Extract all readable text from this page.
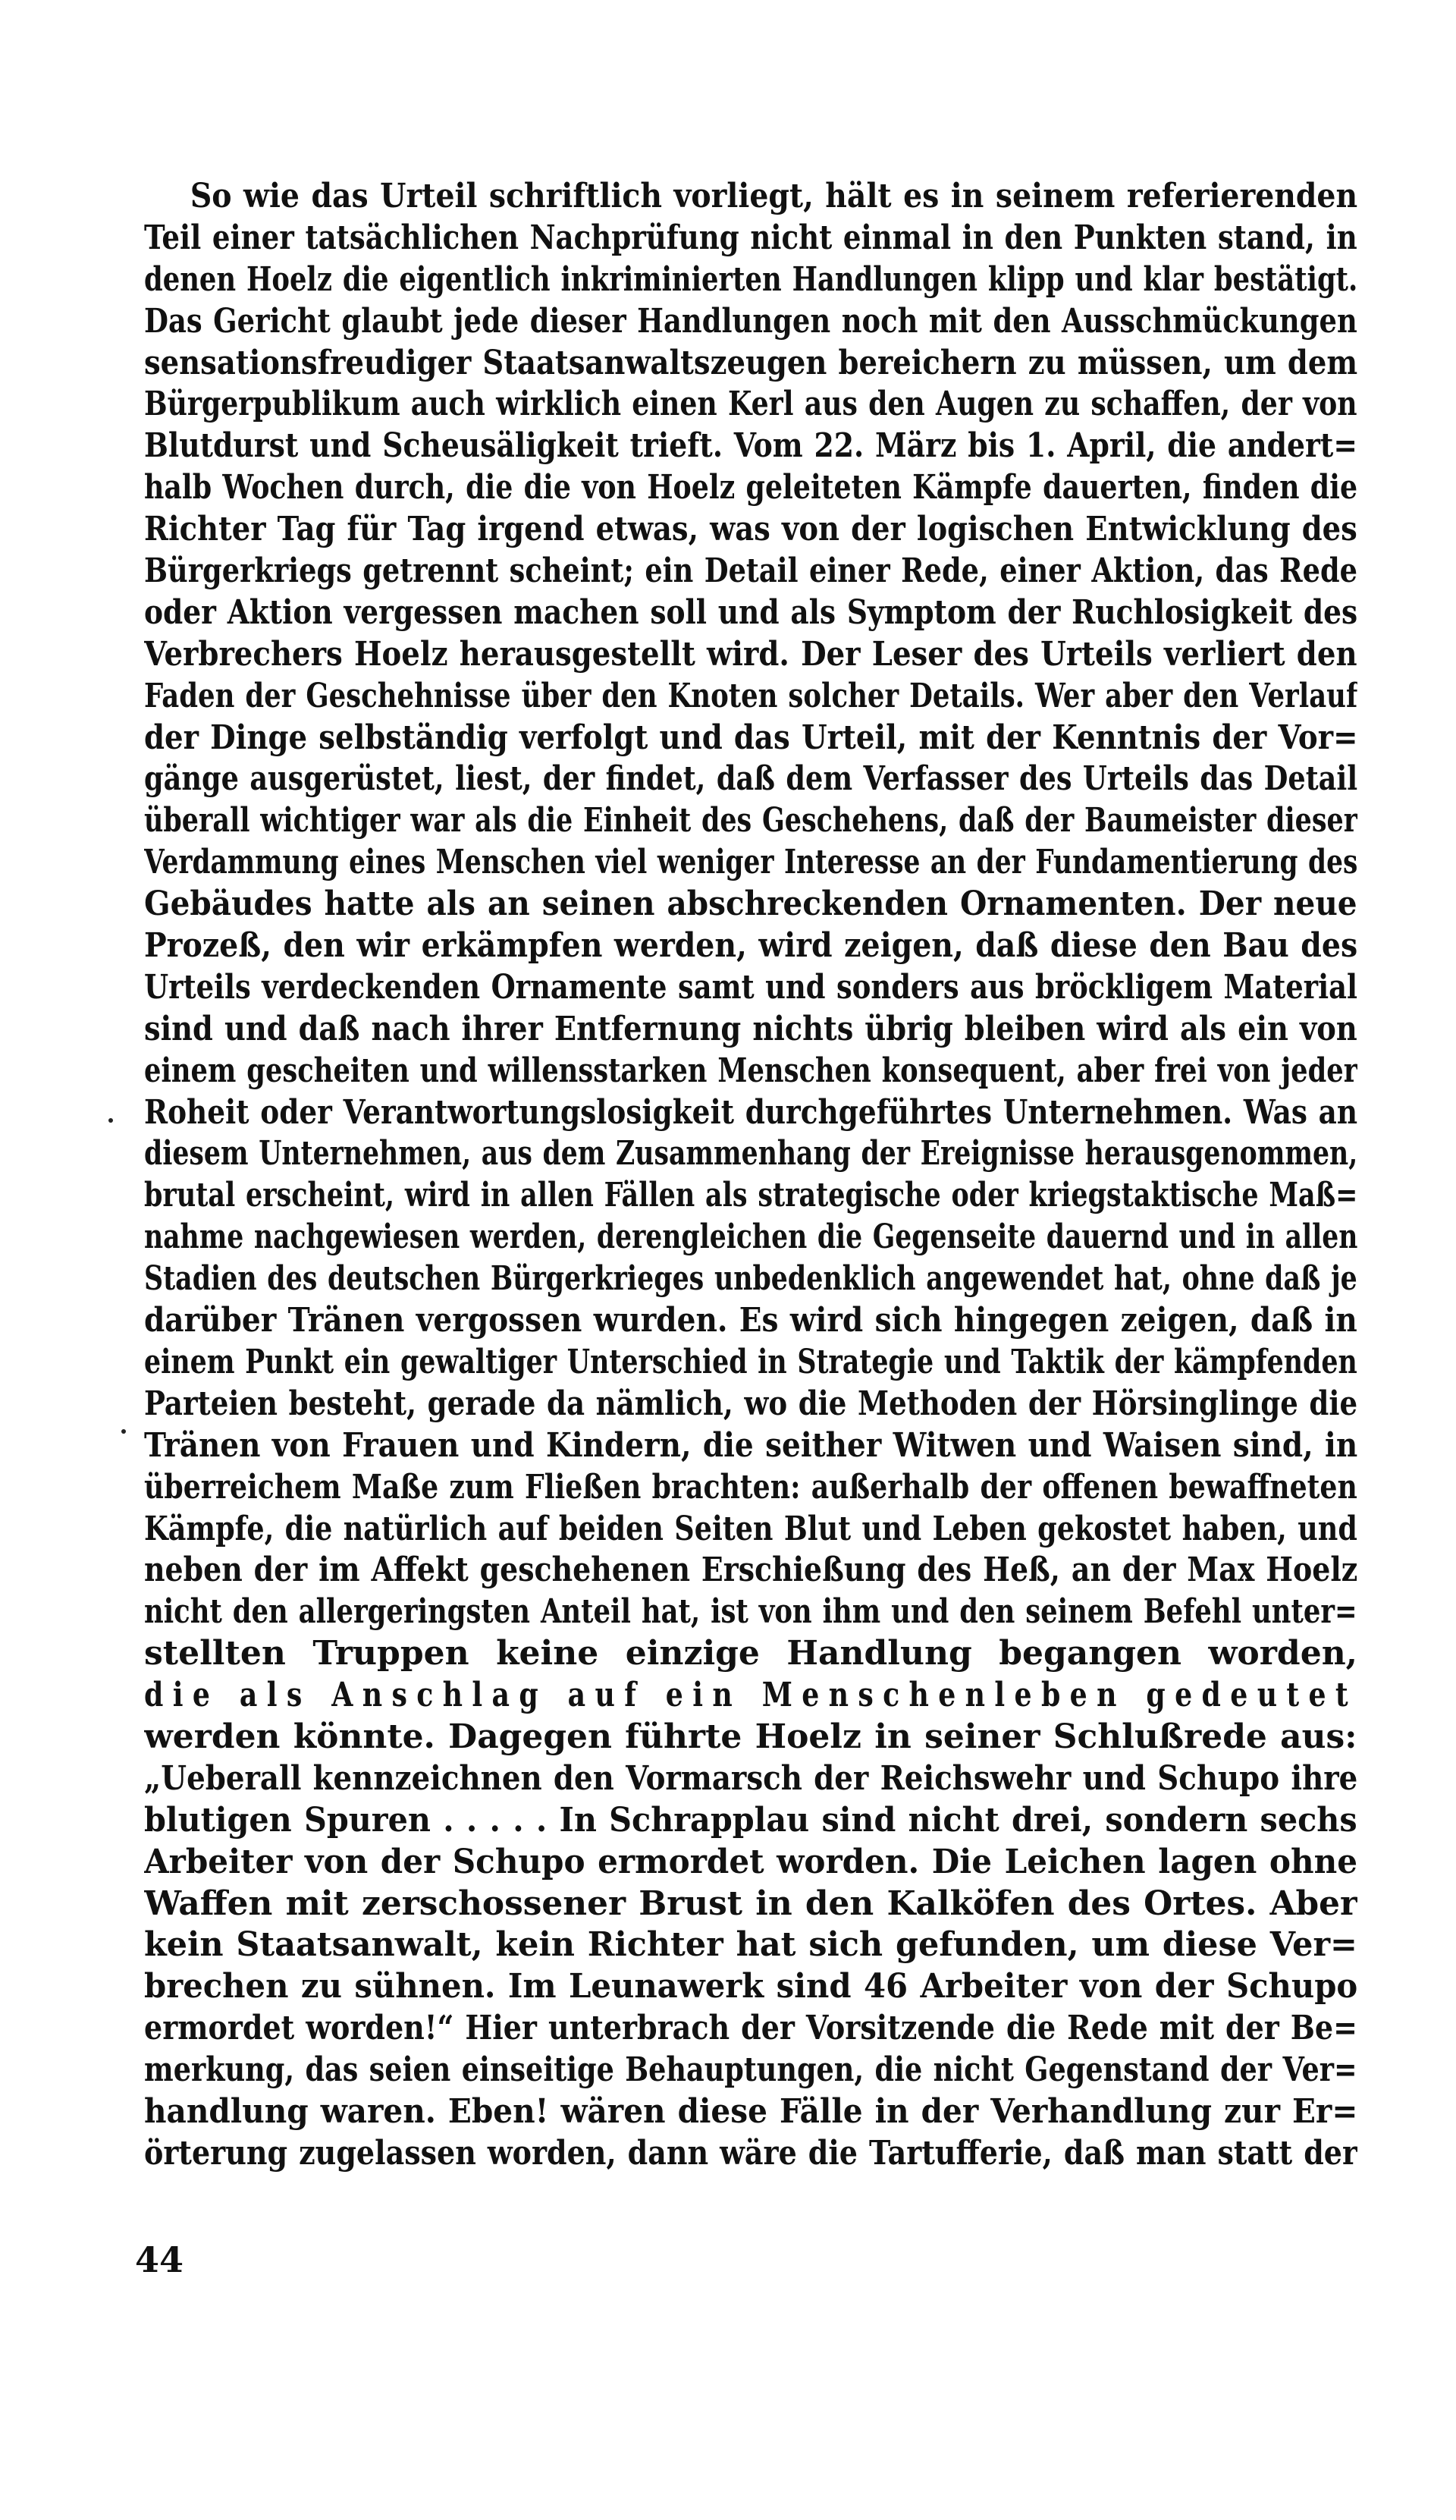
So wie das Urteil schriftlich vorliegt, hält es in seinem referierenden
Teil einer tatsächlichen Nachprüfung nicht einmal in den Punkten stand, in
denen Hoelz die eigentlich inkriminierten Handlungen klipp und klar bestätigt.
Das Gericht glaubt jede dieser Handlungen noch mit den Ausschmückungen
sensationsfreudiger Staatsanwaltszeugen bereichern zu müssen, um dem
Bürgerpublikum auch wirklich einen Kerl aus den Augen zu schaffen, der von
Blutdurst und Scheusäligkeit trieft. Vom 22. März bis 1. April, die andert=
halb Wochen durch, die die von Hoelz geleiteten Kämpfe dauerten, finden die
Richter Tag für Tag irgend etwas, was von der logischen Entwicklung des
Bürgerkriegs getrennt scheint; ein Detail einer Rede, einer Aktion, das Rede
oder Aktion vergessen machen soll und als Symptom der Ruchlosigkeit des
Verbrechers Hoelz herausgestellt wird. Der Leser des Urteils verliert den
Faden der Geschehnisse über den Knoten solcher Details. Wer aber den Verlauf
der Dinge selbständig verfolgt und das Urteil, mit der Kenntnis der Vor=
gänge ausgerüstet, liest, der findet, daß dem Verfasser des Urteils das Detail
überall wichtiger war als die Einheit des Geschehens, daß der Baumeister dieser
Verdammung eines Menschen viel weniger Interesse an der Fundamentierung des
Gebäudes hatte als an seinen abschreckenden Ornamenten. Der neue
Prozeß, den wir erkämpfen werden, wird zeigen, daß diese den Bau des
Urteils verdeckenden Ornamente samt und sonders aus bröckligem Material
sind und daß nach ihrer Entfernung nichts übrig bleiben wird als ein von
einem gescheiten und willensstarken Menschen konsequent, aber frei von jeder
Roheit oder Verantwortungslosigkeit durchgeführtes Unternehmen. Was an
diesem Unternehmen, aus dem Zusammenhang der Ereignisse herausgenommen,
brutal erscheint, wird in allen Fällen als strategische oder kriegstaktische Maß=
nahme nachgewiesen werden, derengleichen die Gegenseite dauernd und in allen
Stadien des deutschen Bürgerkrieges unbedenklich angewendet hat, ohne daß je
darüber Tränen vergossen wurden. Es wird sich hingegen zeigen, daß in
einem Punkt ein gewaltiger Unterschied in Strategie und Taktik der kämpfenden
Parteien besteht, gerade da nämlich, wo die Methoden der Hörsinglinge die
Tränen von Frauen und Kindern, die seither Witwen und Waisen sind, in
überreichem Maße zum Fließen brachten: außerhalb der offenen bewaffneten
Kämpfe, die natürlich auf beiden Seiten Blut und Leben gekostet haben, und
neben der im Affekt geschehenen Erschießung des Heß, an der Max Hoelz
nicht den allergeringsten Anteil hat, ist von ihm und den seinem Befehl unter=
stellten Truppen keine einzige Handlung begangen worden,
die als Anschlag auf ein Menschenleben gedeutet
werden könnte. Dagegen führte Hoelz in seiner Schlußrede aus:
„Ueberall kennzeichnen den Vormarsch der Reichswehr und Schupo ihre
blutigen Spuren . . . . . In Schrapplau sind nicht drei, sondern sechs
Arbeiter von der Schupo ermordet worden. Die Leichen lagen ohne
Waffen mit zerschossener Brust in den Kalköfen des Ortes. Aber
kein Staatsanwalt, kein Richter hat sich gefunden, um diese Ver=
brechen zu sühnen. Im Leunawerk sind 46 Arbeiter von der Schupo
ermordet worden!“ Hier unterbrach der Vorsitzende die Rede mit der Be=
merkung, das seien einseitige Behauptungen, die nicht Gegenstand der Ver=
handlung waren. Eben! wären diese Fälle in der Verhandlung zur Er=
örterung zugelassen worden, dann wäre die Tartufferie, daß man statt der
44
